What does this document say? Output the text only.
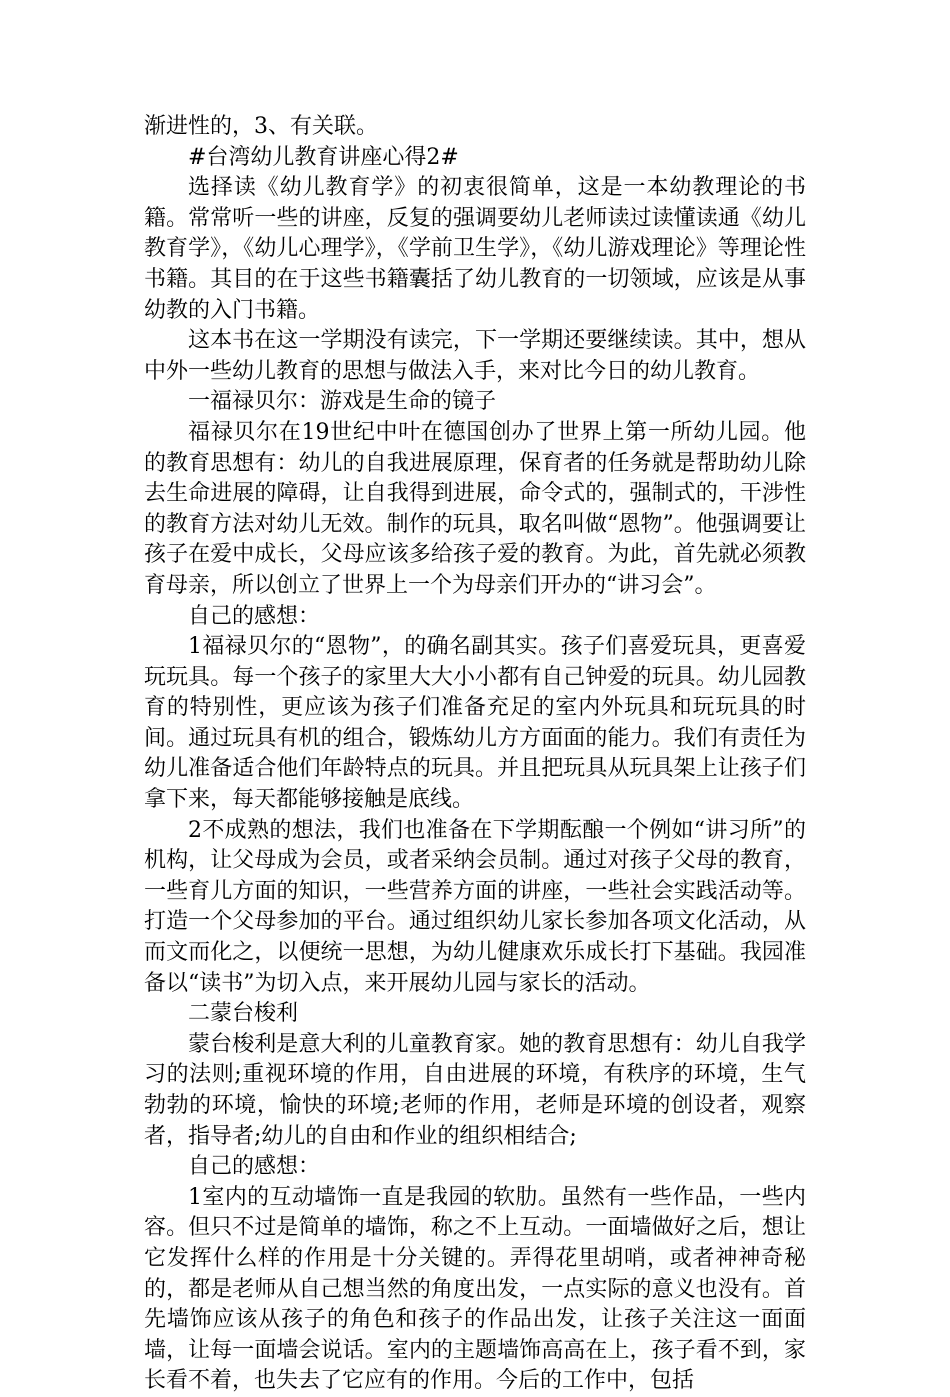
渐进性的，3、有关联。

#台湾幼儿教育讲座心得2#

选择读《幼儿教育学》的初衷很简单，这是一本幼教理论的书籍。常常听一些的讲座，反复的强调要幼儿老师读过读懂读通《幼儿教育学》，《幼儿心理学》，《学前卫生学》，《幼儿游戏理论》等理论性书籍。其目的在于这些书籍囊括了幼儿教育的一切领域，应该是从事幼教的入门书籍。

这本书在这一学期没有读完，下一学期还要继续读。其中，想从中外一些幼儿教育的思想与做法入手，来对比今日的幼儿教育。

一福禄贝尔：游戏是生命的镜子

福禄贝尔在19世纪中叶在德国创办了世界上第一所幼儿园。他的教育思想有：幼儿的自我进展原理，保育者的任务就是帮助幼儿除去生命进展的障碍，让自我得到进展，命令式的，强制式的，干涉性的教育方法对幼儿无效。制作的玩具，取名叫做“恩物”。他强调要让孩子在爱中成长，父母应该多给孩子爱的教育。为此，首先就必须教育母亲，所以创立了世界上一个为母亲们开办的“讲习会”。

自己的感想：

1福禄贝尔的“恩物”，的确名副其实。孩子们喜爱玩具，更喜爱玩玩具。每一个孩子的家里大大小小都有自己钟爱的玩具。幼儿园教育的特别性，更应该为孩子们准备充足的室内外玩具和玩玩具的时间。通过玩具有机的组合，锻炼幼儿方方面面的能力。我们有责任为幼儿准备适合他们年龄特点的玩具。并且把玩具从玩具架上让孩子们拿下来，每天都能够接触是底线。

2不成熟的想法，我们也准备在下学期酝酿一个例如“讲习所”的机构，让父母成为会员，或者采纳会员制。通过对孩子父母的教育，一些育儿方面的知识，一些营养方面的讲座，一些社会实践活动等。打造一个父母参加的平台。通过组织幼儿家长参加各项文化活动，从而文而化之，以便统一思想，为幼儿健康欢乐成长打下基础。我园准备以“读书”为切入点，来开展幼儿园与家长的活动。

二蒙台梭利

蒙台梭利是意大利的儿童教育家。她的教育思想有：幼儿自我学习的法则;重视环境的作用，自由进展的环境，有秩序的环境，生气勃勃的环境，愉快的环境;老师的作用，老师是环境的创设者，观察者，指导者;幼儿的自由和作业的组织相结合;

自己的感想：

1室内的互动墙饰一直是我园的软肋。虽然有一些作品，一些内容。但只不过是简单的墙饰，称之不上互动。一面墙做好之后，想让它发挥什么样的作用是十分关键的。弄得花里胡哨，或者神神奇秘的，都是老师从自己想当然的角度出发，一点实际的意义也没有。首先墙饰应该从孩子的角色和孩子的作品出发，让孩子关注这一面面墙，让每一面墙会说话。室内的主题墙饰高高在上，孩子看不到，家长看不着，也失去了它应有的作用。今后的工作中，包括
